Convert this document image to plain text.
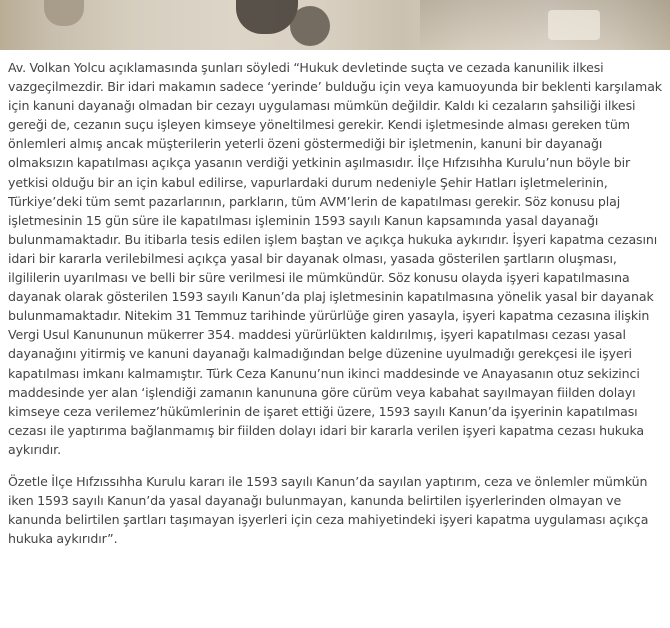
Av. Volkan Yolcu açıklamasında şunları söyledi “Hukuk devletinde suçta ve cezada kanunilik ilkesi
vazgeçilmezdir. Bir idari makamın sadece ‘yerinde’ bulduğu için veya kamuoyunda bir beklenti karşılamak
için kanuni dayanağı olmadan bir cezayı uygulaması mümkün değildir. Kaldı ki cezaların şahsiliği ilkesi
gereği de, cezanın suçu işleyen kimseye yöneltilmesi gerekir. Kendi işletmesinde alması gereken tüm
önlemleri almış ancak müşterilerin yeterli özeni göstermediği bir işletmenin, kanuni bir dayanağı
olmaksızın kapatılması açıkça yasanın verdiği yetkinin aşılmasıdır. İlçe Hıfzısıhha Kurulu’nun böyle bir
yetkisi olduğu bir an için kabul edilirse, vapurlardaki durum nedeniyle Şehir Hatları işletmelerinin,
Türkiye’deki tüm semt pazarlarının, parkların, tüm AVM’lerin de kapatılması gerekir. Söz konusu plaj
işletmesinin 15 gün süre ile kapatılması işleminin 1593 sayılı Kanun kapsamında yasal dayanağı
bulunmamaktadır. Bu itibarla tesis edilen işlem baştan ve açıkça hukuka aykırıdır. İşyeri kapatma cezasını
idari bir kararla verilebilmesi açıkça yasal bir dayanak olması, yasada gösterilen şartların oluşması,
ilgililerin uyarılması ve belli bir süre verilmesi ile mümkündür. Söz konusu olayda işyeri kapatılmasına
dayanak olarak gösterilen 1593 sayılı Kanun’da plaj işletmesinin kapatılmasına yönelik yasal bir dayanak
bulunmamaktadır. Nitekim 31 Temmuz tarihinde yürürlüğe giren yasayla, işyeri kapatma cezasına ilişkin
Vergi Usul Kanununun mükerrer 354. maddesi yürürlükten kaldırılmış, işyeri kapatılması cezası yasal
dayanağını yitirmiş ve kanuni dayanağı kalmadığından belge düzenine uyulmadığı gerekçesi ile işyeri
kapatılması imkanı kalmamıştır. Türk Ceza Kanunu’nun ikinci maddesinde ve Anayasanın otuz sekizinci
maddesinde yer alan ‘işlendiği zamanın kanununa göre cürüm veya kabahat sayılmayan fiilden dolayı
kimseye ceza verilemez’hükümlerinin de işaret ettiği üzere, 1593 sayılı Kanun’da işyerinin kapatılması
cezası ile yaptırıma bağlanmamış bir fiilden dolayı idari bir kararla verilen işyeri kapatma cezası hukuka
aykırıdır.

Özetle İlçe Hıfzıssıhha Kurulu kararı ile 1593 sayılı Kanun’da sayılan yaptırım, ceza ve önlemler mümkün
iken 1593 sayılı Kanun’da yasal dayanağı bulunmayan, kanunda belirtilen işyerlerinden olmayan ve
kanunda belirtilen şartları taşımayan işyerleri için ceza mahiyetindeki işyeri kapatma uygulaması açıkça
hukuka aykırıdır”.
